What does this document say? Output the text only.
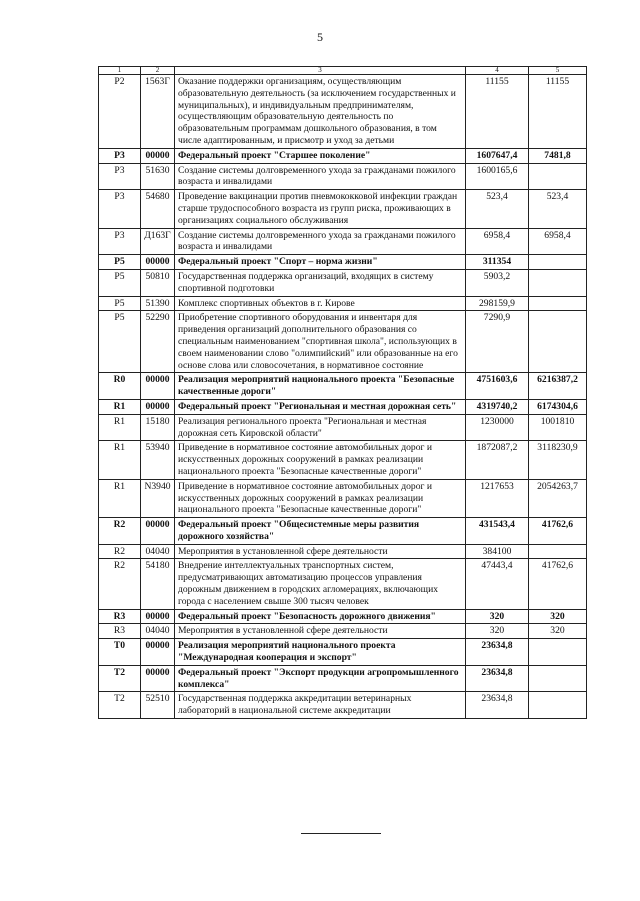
5
1	2	3	4	5
P2	1563Г	Оказание поддержки организациям, осуществляющим образовательную деятельность (за исключением государственных и муниципальных), и индивидуальным предпринимателям, осуществляющим образовательную деятельность по образовательным программам дошкольного образования, в том числе адаптированным, и присмотр и уход за детьми	11155	11155
P3	00000	Федеральный проект "Старшее поколение"	1607647,4	7481,8
P3	51630	Создание системы долговременного ухода за гражданами пожилого возраста и инвалидами	1600165,6	
P3	54680	Проведение вакцинации против пневмококковой инфекции граждан старше трудоспособного возраста из групп риска, проживающих в организациях социального обслуживания	523,4	523,4
P3	Д163Г	Создание системы долговременного ухода за гражданами пожилого возраста и инвалидами	6958,4	6958,4
P5	00000	Федеральный проект "Спорт – норма жизни"	311354	
P5	50810	Государственная поддержка организаций, входящих в систему спортивной подготовки	5903,2	
P5	51390	Комплекс спортивных объектов в г. Кирове	298159,9	
P5	52290	Приобретение спортивного оборудования и инвентаря для приведения организаций дополнительного образования со специальным наименованием "спортивная школа", использующих в своем наименовании слово "олимпийский" или образованные на его основе слова или словосочетания, в нормативное состояние	7290,9	
R0	00000	Реализация мероприятий национального проекта "Безопасные качественные дороги"	4751603,6	6216387,2
R1	00000	Федеральный проект "Региональная и местная дорожная сеть"	4319740,2	6174304,6
R1	15180	Реализация регионального проекта "Региональная и местная дорожная сеть Кировской области"	1230000	1001810
R1	53940	Приведение в нормативное состояние автомобильных дорог и искусственных дорожных сооружений в рамках реализации национального проекта "Безопасные качественные дороги"	1872087,2	3118230,9
R1	N3940	Приведение в нормативное состояние автомобильных дорог и искусственных дорожных сооружений в рамках реализации национального проекта "Безопасные качественные дороги"	1217653	2054263,7
R2	00000	Федеральный проект "Общесистемные меры развития дорожного хозяйства"	431543,4	41762,6
R2	04040	Мероприятия в установленной сфере деятельности	384100	
R2	54180	Внедрение интеллектуальных транспортных систем, предусматривающих автоматизацию процессов управления дорожным движением в городских агломерациях, включающих города с населением свыше 300 тысяч человек	47443,4	41762,6
R3	00000	Федеральный проект "Безопасность дорожного движения"	320	320
R3	04040	Мероприятия в установленной сфере деятельности	320	320
T0	00000	Реализация мероприятий национального проекта "Международная кооперация и экспорт"	23634,8	
T2	00000	Федеральный проект "Экспорт продукции агропромышленного комплекса"	23634,8	
T2	52510	Государственная поддержка аккредитации ветеринарных лабораторий в национальной системе аккредитации	23634,8	
